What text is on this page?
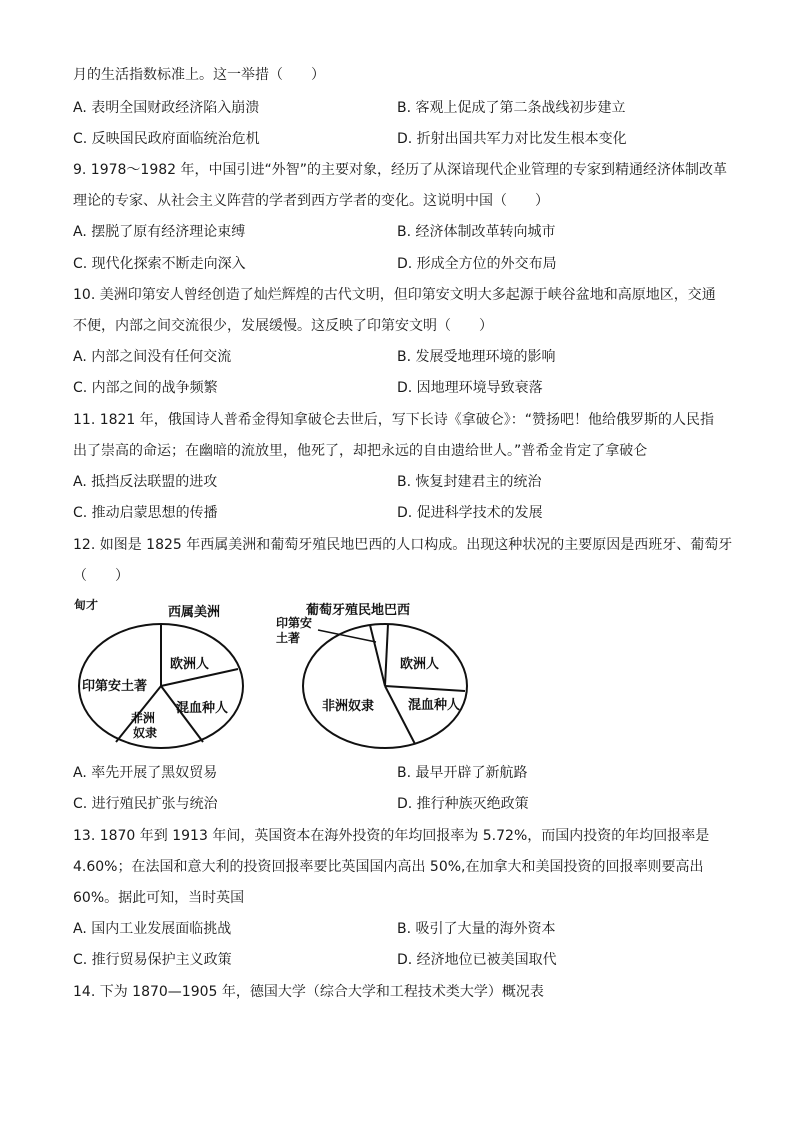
月的生活指数标准上。这一举措（　　）
A. 表明全国财政经济陷入崩溃	B. 客观上促成了第二条战线初步建立
C. 反映国民政府面临统治危机	D. 折射出国共军力对比发生根本变化
9. 1978～1982 年，中国引进“外智”的主要对象，经历了从深谙现代企业管理的专家到精通经济体制改革
理论的专家、从社会主义阵营的学者到西方学者的变化。这说明中国（　　）
A. 摆脱了原有经济理论束缚	B. 经济体制改革转向城市
C. 现代化探索不断走向深入	D. 形成全方位的外交布局
10. 美洲印第安人曾经创造了灿烂辉煌的古代文明，但印第安文明大多起源于峡谷盆地和高原地区，交通
不便，内部之间交流很少，发展缓慢。这反映了印第安文明（　　）
A. 内部之间没有任何交流	B. 发展受地理环境的影响
C. 内部之间的战争频繁	D. 因地理环境导致衰落
11. 1821 年，俄国诗人普希金得知拿破仑去世后，写下长诗《拿破仑》：“赞扬吧！他给俄罗斯的人民指
出了崇高的命运；在幽暗的流放里，他死了，却把永远的自由遗给世人。”普希金肯定了拿破仑
A. 抵挡反法联盟的进攻	B. 恢复封建君主的统治
C. 推动启蒙思想的传播	D. 促进科学技术的发展
12. 如图是 1825 年西属美洲和葡萄牙殖民地巴西的人口构成。出现这种状况的主要原因是西班牙、葡萄牙
（　　）
甸才	西属美洲
欧洲人
混血种人
非洲 奴隶
印第安土著
葡萄牙殖民地巴西
印第安 土著
欧洲人
混血种人
非洲奴隶
A. 率先开展了黑奴贸易	B. 最早开辟了新航路
C. 进行殖民扩张与统治	D. 推行种族灭绝政策
13. 1870 年到 1913 年间，英国资本在海外投资的年均回报率为 5.72%，而国内投资的年均回报率是
4.60%；在法国和意大利的投资回报率要比英国国内高出 50%,在加拿大和美国投资的回报率则要高出
60%。据此可知，当时英国
A. 国内工业发展面临挑战	B. 吸引了大量的海外资本
C. 推行贸易保护主义政策	D. 经济地位已被美国取代
14. 下为 1870—1905 年，德国大学（综合大学和工程技术类大学）概况表
